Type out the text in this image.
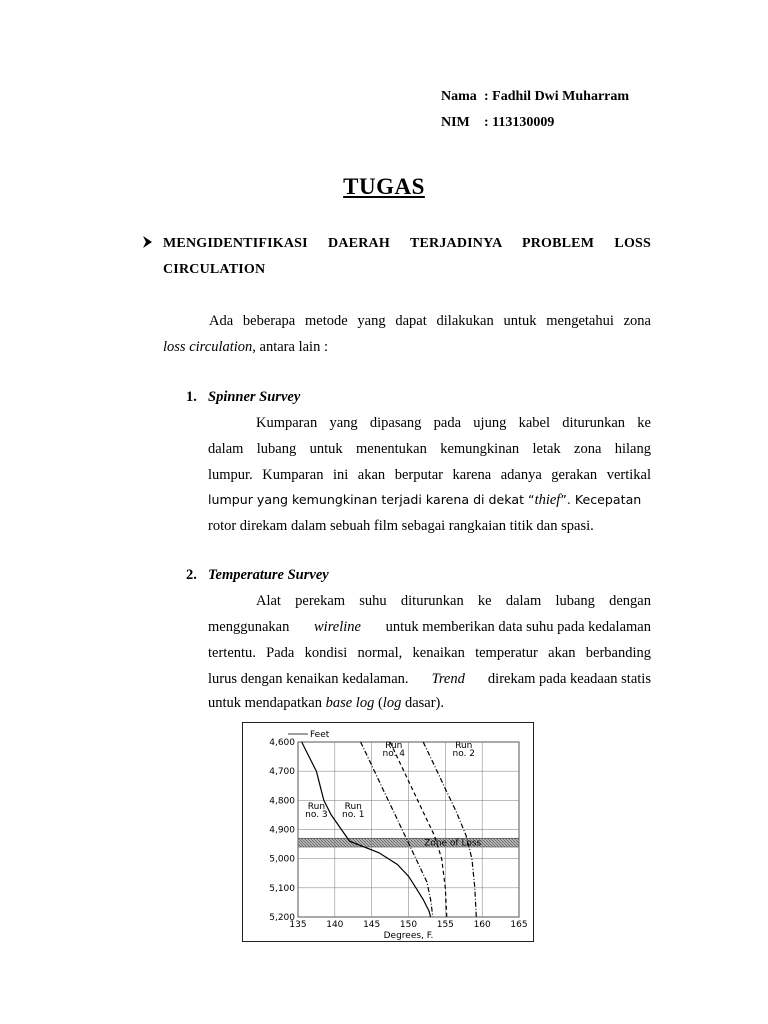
Nama : Fadhil Dwi Muharram
NIM : 113130009
TUGAS
MENGIDENTIFIKASI DAERAH TERJADINYA PROBLEM LOSS
CIRCULATION
Ada beberapa metode yang dapat dilakukan untuk mengetahui zona
loss circulation, antara lain :
1. Spinner Survey
Kumparan yang dipasang pada ujung kabel diturunkan ke
dalam lubang untuk menentukan kemungkinan letak zona hilang
lumpur. Kumparan ini akan berputar karena adanya gerakan vertikal
lumpur yang kemungkinan terjadi karena di dekat “thief”. Kecepatan
rotor direkam dalam sebuah film sebagai rangkaian titik dan spasi.
2. Temperature Survey
Alat perekam suhu diturunkan ke dalam lubang dengan
menggunakan wireline untuk memberikan data suhu pada kedalaman
tertentu. Pada kondisi normal, kenaikan temperatur akan berbanding
lurus dengan kenaikan kedalaman. Trend direkam pada keadaan statis
untuk mendapatkan base log (log dasar).
135 140 145 150 155 160 165
4,600
4,700
4,800
4,900
5,000
5,100
5,200
Feet
Degrees, F.
Zone of Loss
Run
no. 4
Run
no. 2
Run
no. 3
Run
no. 1
